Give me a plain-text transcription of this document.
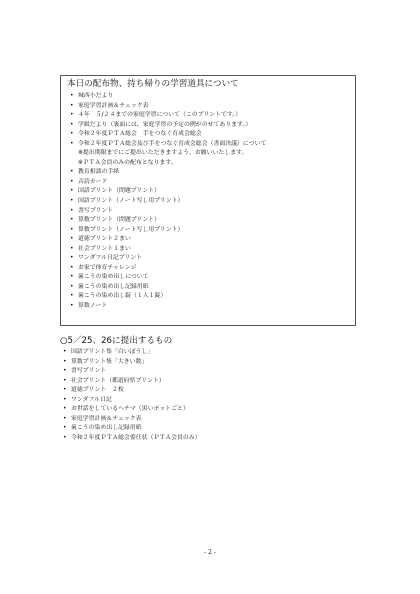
本日の配布物、持ち帰りの学習道具について
• 城西小だより
• 家庭学習計画＆チェック表
• ４年　５/２４までの家庭学習について（このプリントです。）
• 学級だより（裏面には、家庭学習の予定の例がのせてあります。）
• 令和２年度ＰＴＡ総会　手をつなぐ育成会総会
• 令和２年度ＰＴＡ総会及び手をつなぐ育成会総会（書面決議）について
※提出期限までにご提出いただきますよう、お願いいたします。
※ＰＴＡ会員のみの配布となります。
• 教育相談の手紙
• 音読カード
• 国語プリント（問題プリント）
• 国語プリント（ノート写し用プリント）
• 書写プリント
• 算数プリント（問題プリント）
• 算数プリント（ノート写し用プリント）
• 道徳プリント２まい
• 社会プリント１まい
• ワンダフル日記プリント
• お家で体育チャレンジ
• 歯こうの染め出しについて
• 歯こうの染め出し記録用紙
• 歯こうの染め出し錠（１人１錠）
• 算数ノート
○5／25、26に提出するもの
• 国語プリント集「白いぼうし」
• 算数プリント集「大きい数」
• 書写プリント
• 社会プリント（都道府県プリント）
• 道徳プリント　２枚
• ワンダフル日記
• お世話をしているヘチマ（黒いポットごと）
• 家庭学習計画＆チェック表
• 歯こうの染め出し記録用紙
• 令和２年度ＰＴＡ総会委任状（ＰＴＡ会員のみ）
- 2 -
